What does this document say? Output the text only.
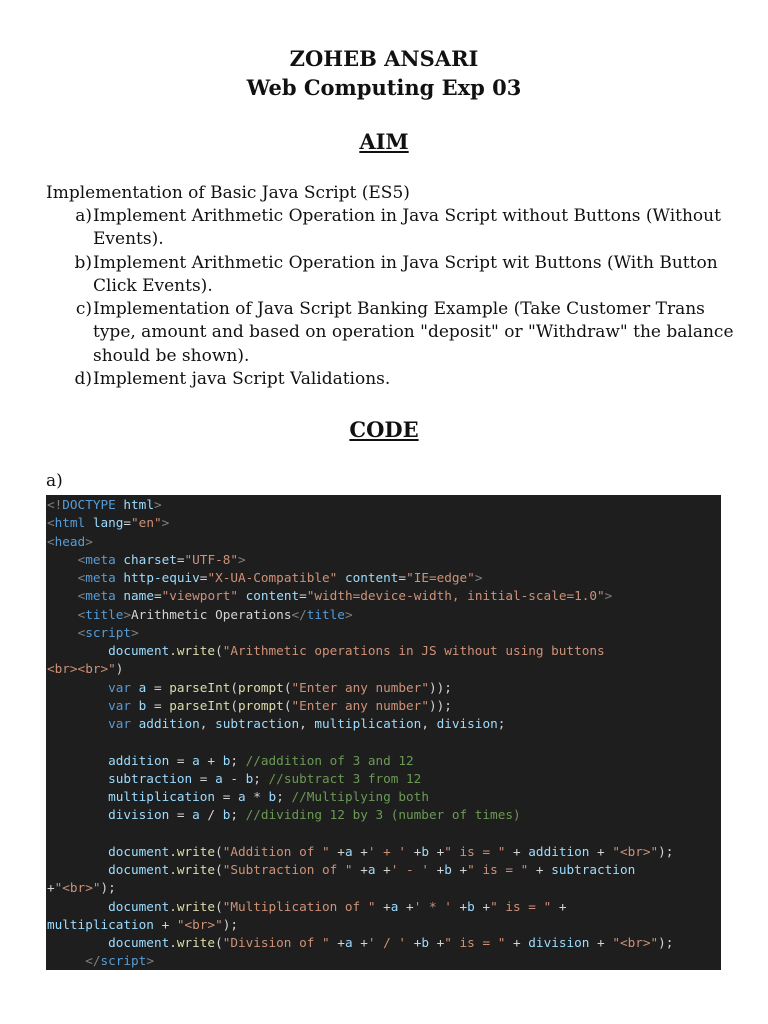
ZOHEB ANSARI
Web Computing Exp 03
AIM
Implementation of Basic Java Script (ES5)
a) Implement Arithmetic Operation in Java Script without Buttons (Without Events).
b) Implement Arithmetic Operation in Java Script wit Buttons (With Button Click Events).
c) Implementation of Java Script Banking Example (Take Customer Trans type, amount and based on operation "deposit" or "Withdraw" the balance should be shown).
d) Implement java Script Validations.
CODE
a)
<!DOCTYPE html>
<html lang="en">
<head>
<meta charset="UTF-8">
<meta http-equiv="X-UA-Compatible" content="IE=edge">
<meta name="viewport" content="width=device-width, initial-scale=1.0">
<title>Arithmetic Operations</title>
<script>
document.write("Arithmetic operations in JS without using buttons
<br><br>")
var a = parseInt(prompt("Enter any number"));
var b = parseInt(prompt("Enter any number"));
var addition, subtraction, multiplication, division;

addition = a + b; //addition of 3 and 12
subtraction = a - b; //subtract 3 from 12
multiplication = a * b; //Multiplying both
division = a / b; //dividing 12 by 3 (number of times)

document.write("Addition of " +a +' + ' +b +" is = " + addition + "<br>");
document.write("Subtraction of " +a +' - ' +b +" is = " + subtraction
+"<br>");
document.write("Multiplication of " +a +' * ' +b +" is = " +
multiplication + "<br>");
document.write("Division of " +a +' / ' +b +" is = " + division + "<br>");
</script>
